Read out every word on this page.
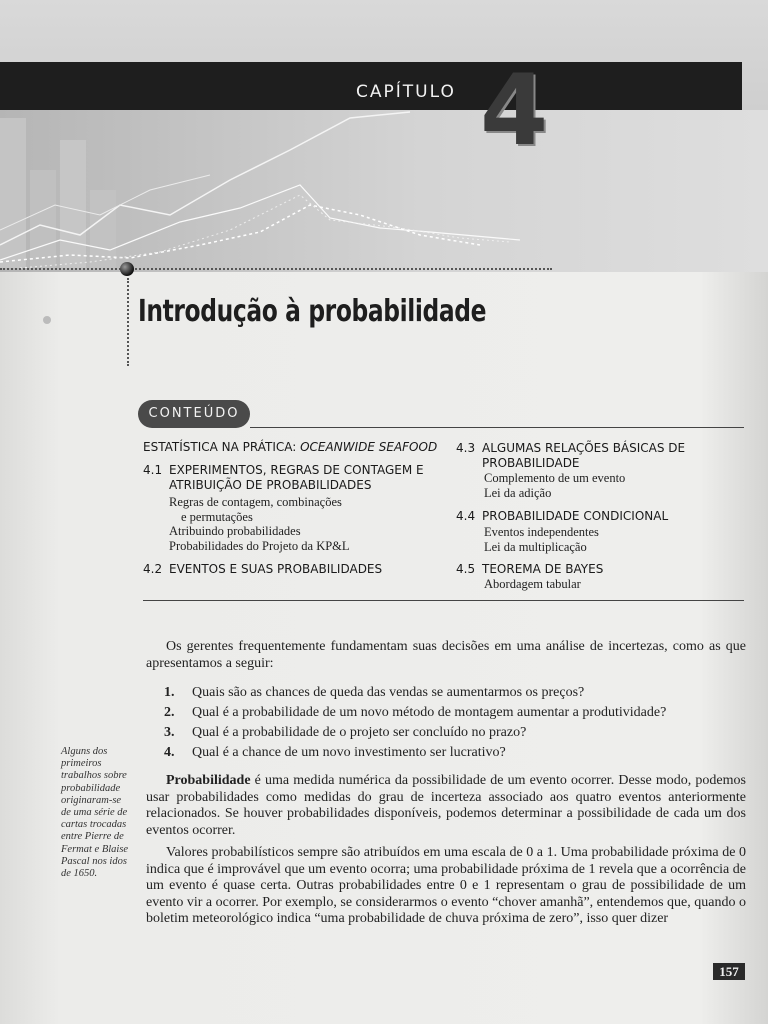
CAPÍTULO 4
Introdução à probabilidade
CONTEÚDO
ESTATÍSTICA NA PRÁTICA: OCEANWIDE SEAFOOD
4.1 EXPERIMENTOS, REGRAS DE CONTAGEM E
ATRIBUIÇÃO DE PROBABILIDADES
Regras de contagem, combinações
e permutações
Atribuindo probabilidades
Probabilidades do Projeto da KP&L
4.2 EVENTOS E SUAS PROBABILIDADES
4.3 ALGUMAS RELAÇÕES BÁSICAS DE
PROBABILIDADE
Complemento de um evento
Lei da adição
4.4 PROBABILIDADE CONDICIONAL
Eventos independentes
Lei da multiplicação
4.5 TEOREMA DE BAYES
Abordagem tabular
Os gerentes frequentemente fundamentam suas decisões em uma análise de incertezas, como as que apresentamos a seguir:
1. Quais são as chances de queda das vendas se aumentarmos os preços?
2. Qual é a probabilidade de um novo método de montagem aumentar a produtividade?
3. Qual é a probabilidade de o projeto ser concluído no prazo?
4. Qual é a chance de um novo investimento ser lucrativo?
Probabilidade é uma medida numérica da possibilidade de um evento ocorrer. Desse modo, podemos usar probabilidades como medidas do grau de incerteza associado aos quatro eventos anteriormente relacionados. Se houver probabilidades disponíveis, podemos determinar a possibilidade de cada um dos eventos ocorrer.
Valores probabilísticos sempre são atribuídos em uma escala de 0 a 1. Uma probabilidade próxima de 0 indica que é improvável que um evento ocorra; uma probabilidade próxima de 1 revela que a ocorrência de um evento é quase certa. Outras probabilidades entre 0 e 1 representam o grau de possibilidade de um evento vir a ocorrer. Por exemplo, se considerarmos o evento “chover amanhã”, entendemos que, quando o boletim meteorológico indica “uma probabilidade de chuva próxima de zero”, isso quer dizer
Alguns dos primeiros trabalhos sobre probabilidade originaram-se de uma série de cartas trocadas entre Pierre de Fermat e Blaise Pascal nos idos de 1650.
157
